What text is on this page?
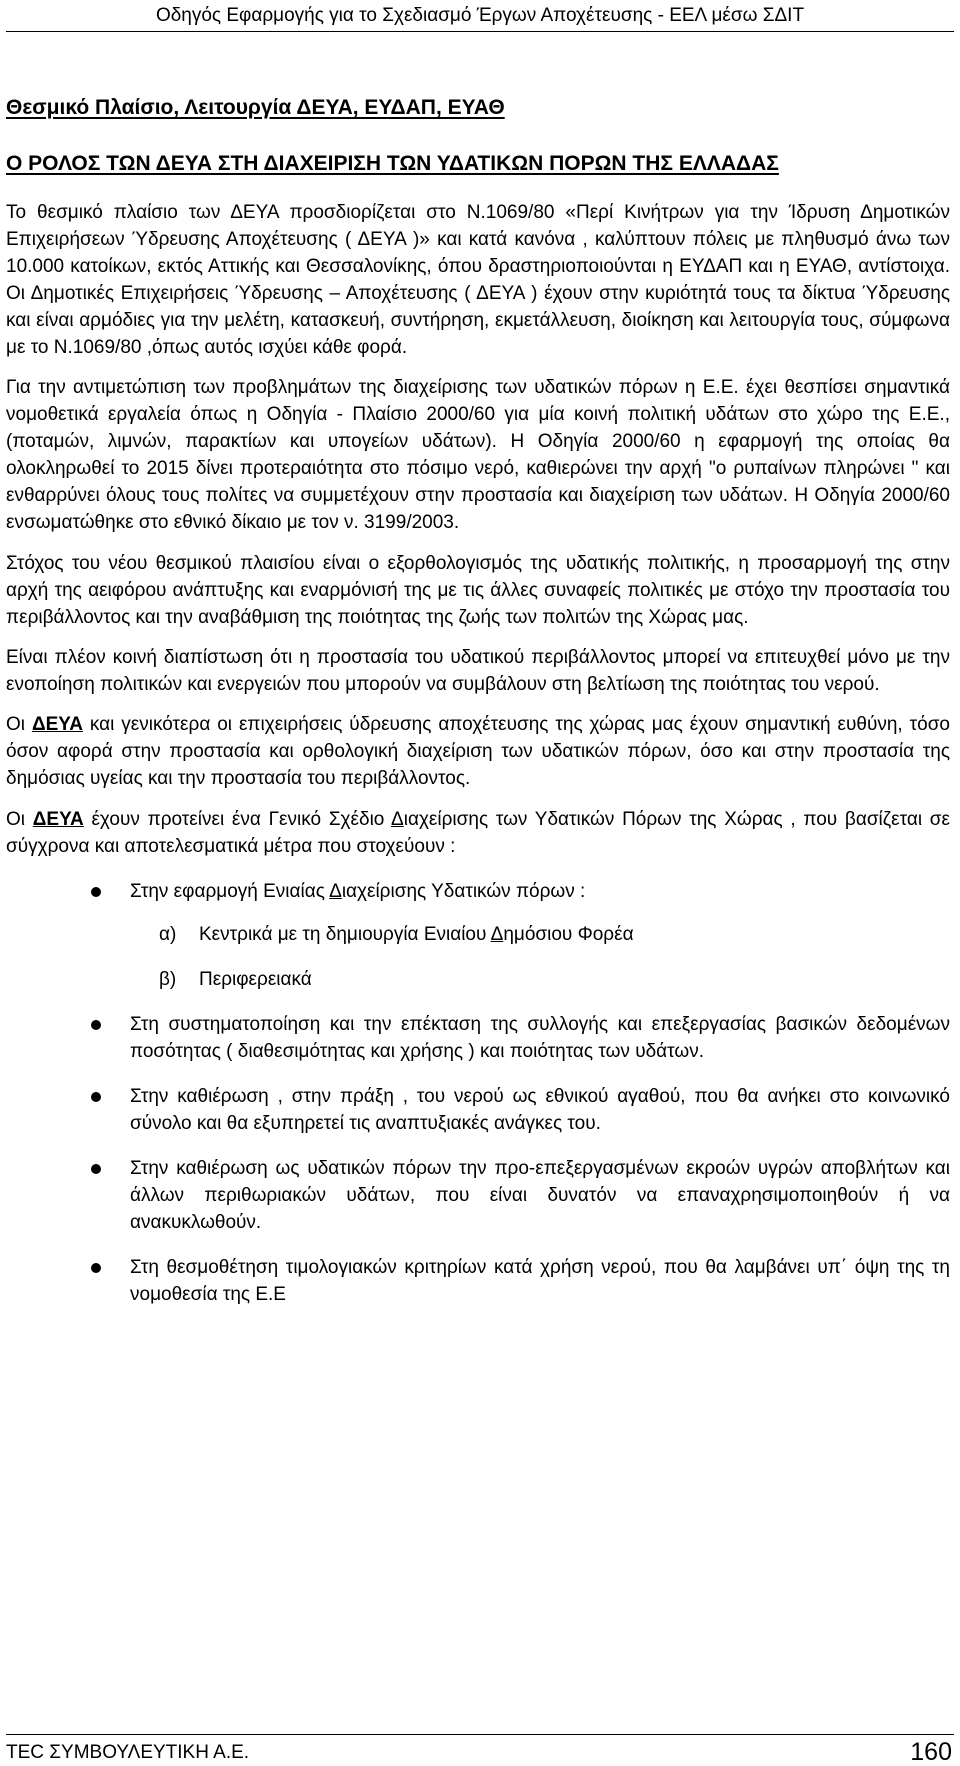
Οδηγός Εφαρμογής για το Σχεδιασμό Έργων Αποχέτευσης - ΕΕΛ μέσω ΣΔΙΤ
Θεσμικό Πλαίσιο, Λειτουργία ΔΕΥΑ, ΕΥΔΑΠ, ΕΥΑΘ
Ο ΡΟΛΟΣ ΤΩΝ ΔΕΥΑ ΣΤΗ ΔΙΑΧΕΙΡΙΣΗ ΤΩΝ ΥΔΑΤΙΚΩΝ ΠΟΡΩΝ ΤΗΣ ΕΛΛΑΔΑΣ

Το θεσμικό πλαίσιο των ΔΕΥΑ προσδιορίζεται στο Ν.1069/80 «Περί Κινήτρων για την Ίδρυση Δημοτικών Επιχειρήσεων Ύδρευσης Αποχέτευσης ( ΔΕΥΑ )» και κατά κανόνα , καλύπτουν πόλεις με πληθυσμό άνω των 10.000 κατοίκων, εκτός Αττικής και Θεσσαλονίκης, όπου δραστηριοποιούνται η ΕΥΔΑΠ και η ΕΥΑΘ, αντίστοιχα. Οι Δημοτικές Επιχειρήσεις Ύδρευσης – Αποχέτευσης ( ΔΕΥΑ ) έχουν στην κυριότητά τους τα δίκτυα Ύδρευσης και είναι αρμόδιες για την μελέτη, κατασκευή, συντήρηση, εκμετάλλευση, διοίκηση και λειτουργία τους, σύμφωνα με το Ν.1069/80 ,όπως αυτός ισχύει κάθε φορά.

Για την αντιμετώπιση των προβλημάτων της διαχείρισης των υδατικών πόρων η Ε.Ε. έχει θεσπίσει σημαντικά νομοθετικά εργαλεία όπως η Οδηγία - Πλαίσιο 2000/60 για μία κοινή πολιτική υδάτων στο χώρο της Ε.Ε., (ποταμών, λιμνών, παρακτίων και υπογείων υδάτων). Η Οδηγία 2000/60 η εφαρμογή της οποίας θα ολοκληρωθεί το 2015 δίνει προτεραιότητα στο πόσιμο νερό, καθιερώνει την αρχή "ο ρυπαίνων πληρώνει " και ενθαρρύνει όλους τους πολίτες να συμμετέχουν στην προστασία και διαχείριση των υδάτων. Η Οδηγία 2000/60 ενσωματώθηκε στο εθνικό δίκαιο με τον ν. 3199/2003.

Στόχος του νέου θεσμικού πλαισίου είναι ο εξορθολογισμός της υδατικής πολιτικής, η προσαρμογή της στην αρχή της αειφόρου ανάπτυξης και εναρμόνισή της με τις άλλες συναφείς πολιτικές με στόχο την προστασία του περιβάλλοντος και την αναβάθμιση της ποιότητας της ζωής των πολιτών της Χώρας μας.

Είναι πλέον κοινή διαπίστωση ότι η προστασία του υδατικού περιβάλλοντος μπορεί να επιτευχθεί μόνο με την ενοποίηση πολιτικών και ενεργειών που μπορούν να συμβάλουν στη βελτίωση της ποιότητας του νερού.

Οι ΔΕΥΑ και γενικότερα οι επιχειρήσεις ύδρευσης αποχέτευσης της χώρας μας έχουν σημαντική ευθύνη, τόσο όσον αφορά στην προστασία και ορθολογική διαχείριση των υδατικών πόρων, όσο και στην προστασία της δημόσιας υγείας και την προστασία του περιβάλλοντος.

Οι ΔΕΥΑ έχουν προτείνει ένα Γενικό Σχέδιο Διαχείρισης των Υδατικών Πόρων της Χώρας , που βασίζεται σε σύγχρονα και αποτελεσματικά μέτρα που στοχεύουν :

Στην εφαρμογή Ενιαίας Διαχείρισης Υδατικών πόρων :
α) Κεντρικά με τη δημιουργία Ενιαίου Δημόσιου Φορέα
β) Περιφερειακά
Στη συστηματοποίηση και την επέκταση της συλλογής και επεξεργασίας βασικών δεδομένων ποσότητας ( διαθεσιμότητας και χρήσης ) και ποιότητας των υδάτων.
Στην καθιέρωση , στην πράξη , του νερού ως εθνικού αγαθού, που θα ανήκει στο κοινωνικό σύνολο και θα εξυπηρετεί τις αναπτυξιακές ανάγκες του.
Στην καθιέρωση ως υδατικών πόρων την προ-επεξεργασμένων εκροών υγρών αποβλήτων και άλλων περιθωριακών υδάτων, που είναι δυνατόν να επαναχρησιμοποιηθούν ή να ανακυκλωθούν.
Στη θεσμοθέτηση τιμολογιακών κριτηρίων κατά χρήση νερού, που θα λαμβάνει υπ΄ όψη της τη νομοθεσία της Ε.Ε
ΤΕC ΣΥΜΒΟΥΛΕΥΤΙΚΗ Α.Ε.	160
